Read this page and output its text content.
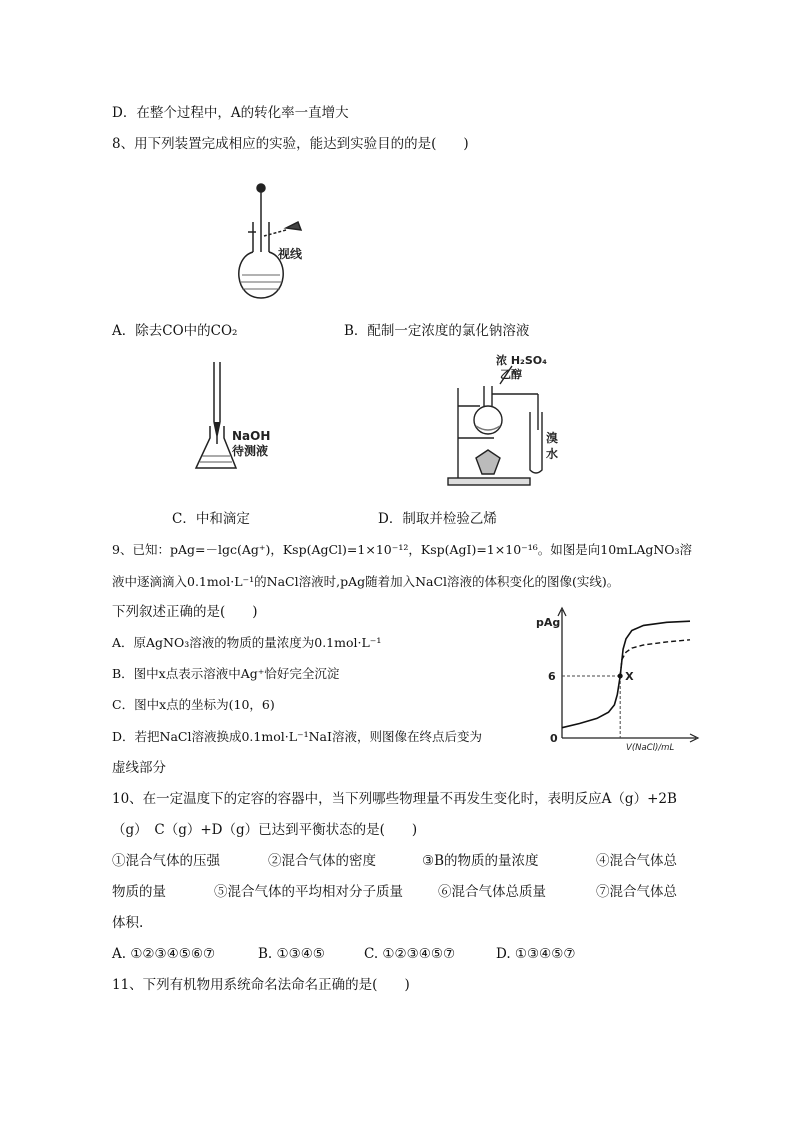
D．在整个过程中，A的转化率一直增大
8、用下列装置完成相应的实验，能达到实验目的的是(　　)
视线
A．除去CO中的CO₂	B．配制一定浓度的氯化钠溶液
NaOH
待测液
浓 H₂SO₄
乙醇
溴
水
C．中和滴定	D．制取并检验乙烯
9、已知：pAg=－lgc(Ag⁺)，Ksp(AgCl)=1×10⁻¹²，Ksp(AgI)=1×10⁻¹⁶。如图是向10mLAgNO₃溶
液中逐滴滴入0.1mol·L⁻¹的NaCl溶液时,pAg随着加入NaCl溶液的体积变化的图像(实线)。
下列叙述正确的是(　　)
A．原AgNO₃溶液的物质的量浓度为0.1mol·L⁻¹
B．图中x点表示溶液中Ag⁺恰好完全沉淀
C．图中x点的坐标为(10，6)
D．若把NaCl溶液换成0.1mol·L⁻¹NaI溶液，则图像在终点后变为
虚线部分
pAg
V(NaCl)/mL
0
6	X
10、在一定温度下的定容的容器中，当下列哪些物理量不再发生变化时，表明反应A（g）+2B
（g）　C（g）+D（g）已达到平衡状态的是(　　)
①混合气体的压强	②混合气体的密度	③B的物质的量浓度	④混合气体总
物质的量	⑤混合气体的平均相对分子质量	⑥混合气体总质量	⑦混合气体总
体积.
A. ①②③④⑤⑥⑦	B. ①③④⑤	C. ①②③④⑤⑦	D. ①③④⑤⑦
11、下列有机物用系统命名法命名正确的是(　　)
